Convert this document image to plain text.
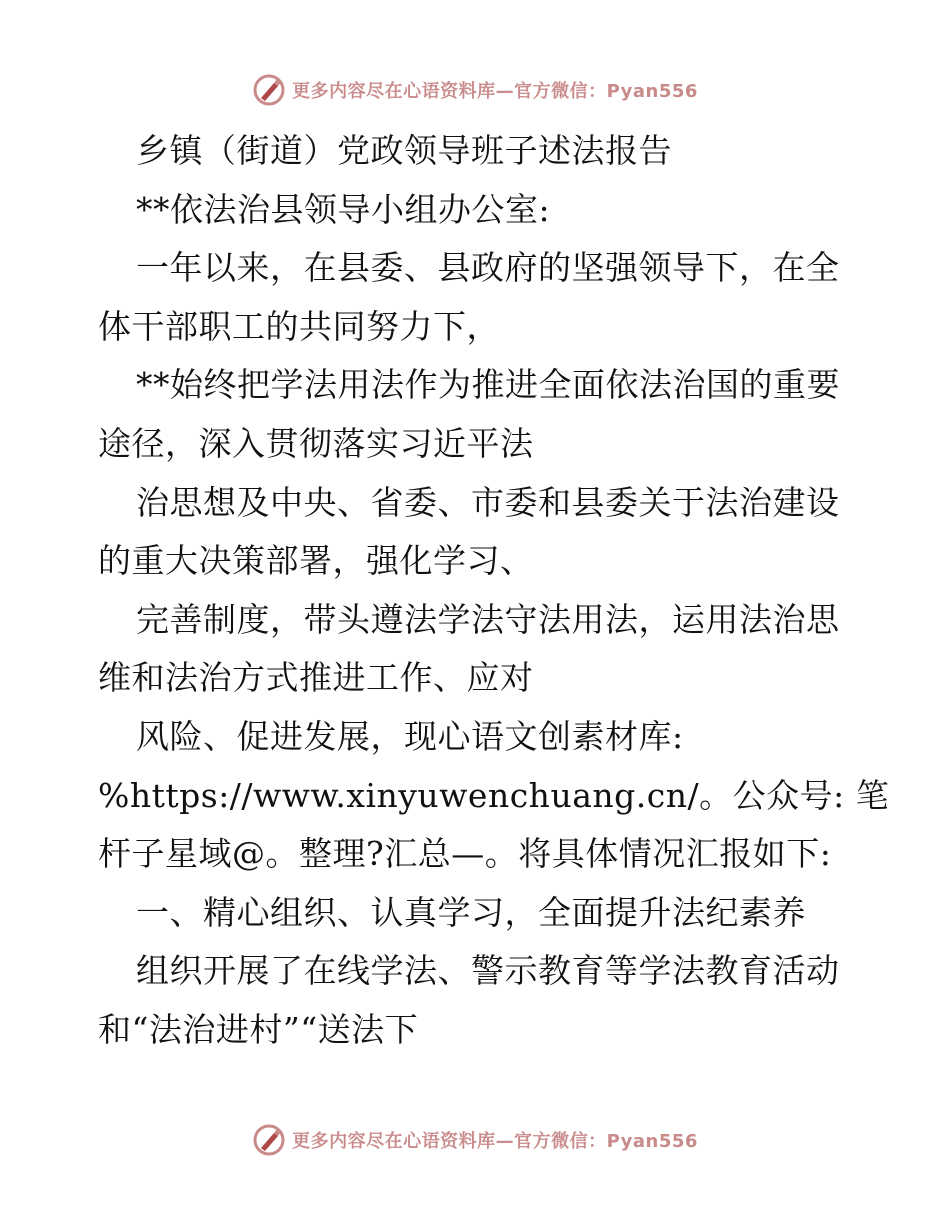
更多内容尽在心语资料库—官方微信：Pyan556
乡镇（街道）党政领导班子述法报告
**依法治县领导小组办公室:
一年以来，在县委、县政府的坚强领导下，在全
体干部职工的共同努力下，
**始终把学法用法作为推进全面依法治国的重要
途径，深入贯彻落实习近平法
治思想及中央、省委、市委和县委关于法治建设
的重大决策部署，强化学习、
完善制度，带头遵法学法守法用法，运用法治思
维和法治方式推进工作、应对
风险、促进发展，现心语文创素材库:
%https://www.xinyuwenchuang.cn/。公众号: 笔
杆子星域@。整理?汇总—。将具体情况汇报如下:
一、精心组织、认真学习，全面提升法纪素养
组织开展了在线学法、警示教育等学法教育活动
和“法治进村”“送法下
更多内容尽在心语资料库—官方微信：Pyan556
